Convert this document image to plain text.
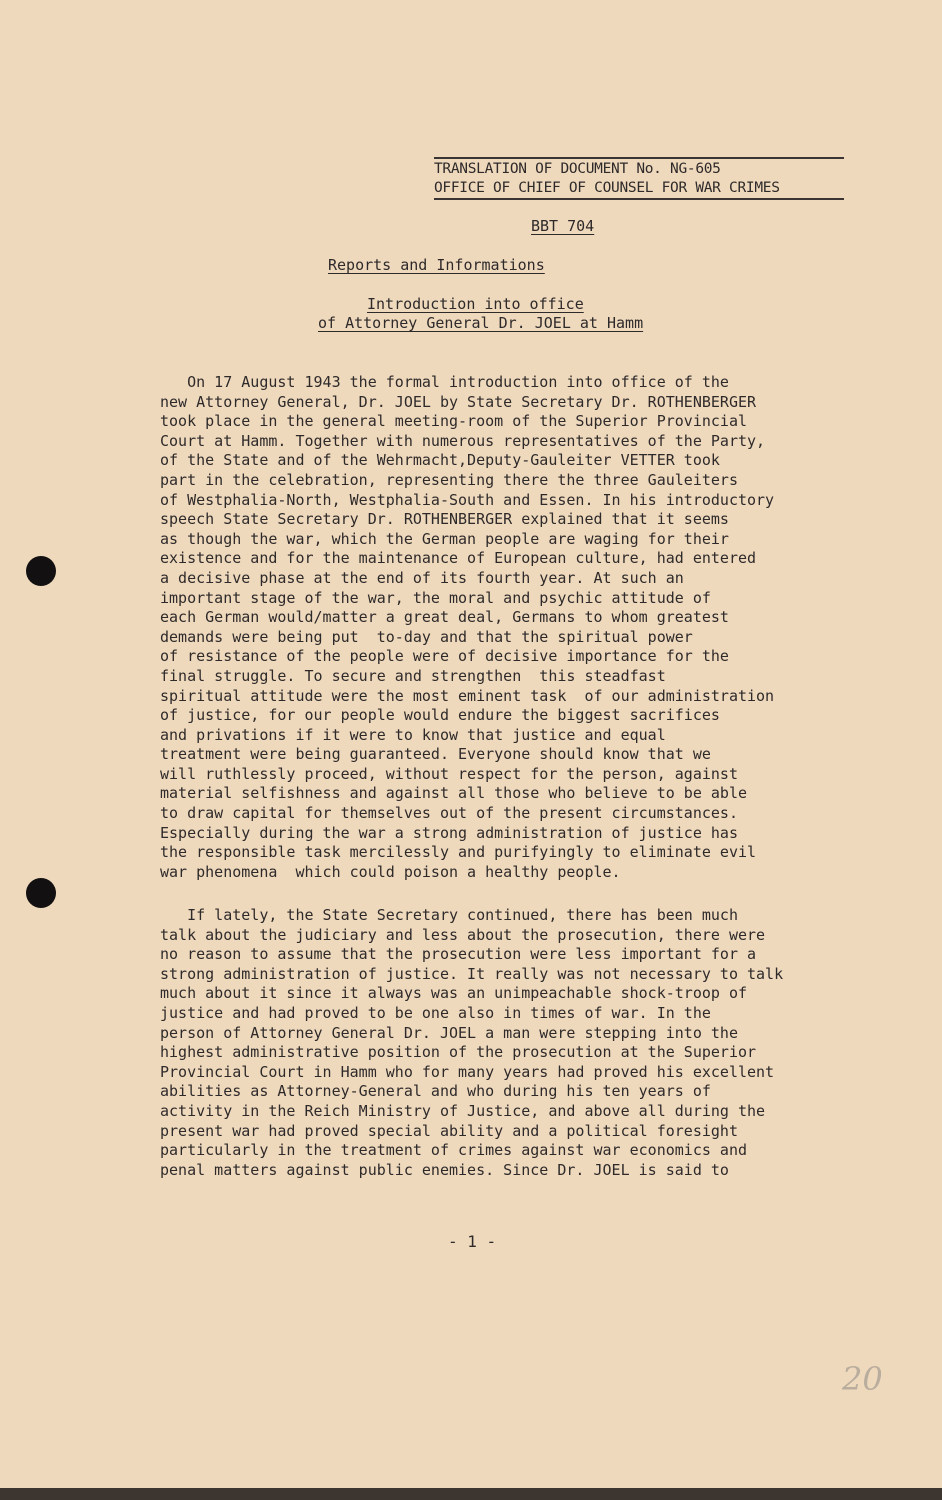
TRANSLATION OF DOCUMENT No. NG-605
OFFICE OF CHIEF OF COUNSEL FOR WAR CRIMES
BBT 704
Reports and Informations
Introduction into office
of Attorney General Dr. JOEL at Hamm

On 17 August 1943 the formal introduction into office of the

new Attorney General, Dr. JOEL by State Secretary Dr. ROTHENBERGER

took place in the general meeting-room of the Superior Provincial

Court at Hamm. Together with numerous representatives of the Party,

of the State and of the Wehrmacht,Deputy-Gauleiter VETTER took

part in the celebration, representing there the three Gauleiters

of Westphalia-North, Westphalia-South and Essen. In his introductory

speech State Secretary Dr. ROTHENBERGER explained that it seems

as though the war, which the German people are waging for their

existence and for the maintenance of European culture, had entered

a decisive phase at the end of its fourth year. At such an

important stage of the war, the moral and psychic attitude of

each German would/matter a great deal, Germans to whom greatest

demands were being put  to-day and that the spiritual power

of resistance of the people were of decisive importance for the

final struggle. To secure and strengthen  this steadfast

spiritual attitude were the most eminent task  of our administration

of justice, for our people would endure the biggest sacrifices

and privations if it were to know that justice and equal

treatment were being guaranteed. Everyone should know that we

will ruthlessly proceed, without respect for the person, against

material selfishness and against all those who believe to be able

to draw capital for themselves out of the present circumstances.

Especially during the war a strong administration of justice has

the responsible task mercilessly and purifyingly to eliminate evil

war phenomena  which could poison a healthy people.

If lately, the State Secretary continued, there has been much

talk about the judiciary and less about the prosecution, there were

no reason to assume that the prosecution were less important for a

strong administration of justice. It really was not necessary to talk

much about it since it always was an unimpeachable shock-troop of

justice and had proved to be one also in times of war. In the

person of Attorney General Dr. JOEL a man were stepping into the

highest administrative position of the prosecution at the Superior

Provincial Court in Hamm who for many years had proved his excellent

abilities as Attorney-General and who during his ten years of

activity in the Reich Ministry of Justice, and above all during the

present war had proved special ability and a political foresight

particularly in the treatment of crimes against war economics and

penal matters against public enemies. Since Dr. JOEL is said to

- 1 -
20
